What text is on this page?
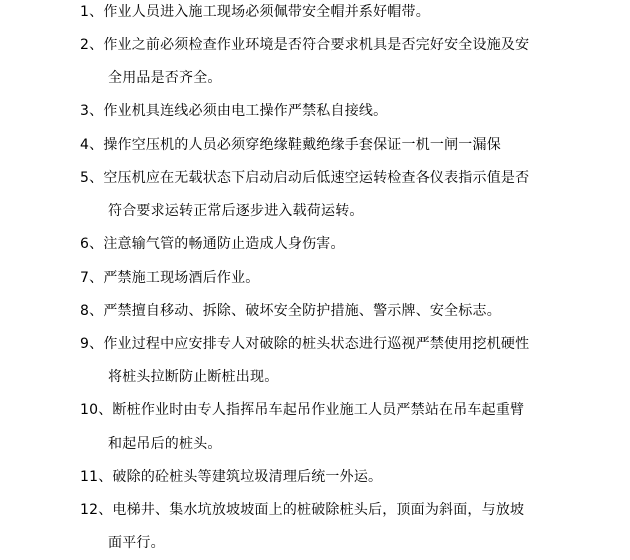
1、作业人员进入施工现场必须佩带安全帽并系好帽带。
2、作业之前必须检查作业环境是否符合要求机具是否完好安全设施及安
全用品是否齐全。
3、作业机具连线必须由电工操作严禁私自接线。
4、操作空压机的人员必须穿绝缘鞋戴绝缘手套保证一机一闸一漏保
5、空压机应在无载状态下启动启动后低速空运转检查各仪表指示值是否
符合要求运转正常后逐步进入载荷运转。
6、注意输气管的畅通防止造成人身伤害。
7、严禁施工现场酒后作业。
8、严禁擅自移动、拆除、破坏安全防护措施、警示牌、安全标志。
9、作业过程中应安排专人对破除的桩头状态进行巡视严禁使用挖机硬性
将桩头拉断防止断桩出现。
10、断桩作业时由专人指挥吊车起吊作业施工人员严禁站在吊车起重臂
和起吊后的桩头。
11、破除的砼桩头等建筑垃圾清理后统一外运。
12、电梯井、集水坑放坡坡面上的桩破除桩头后，顶面为斜面，与放坡
面平行。
